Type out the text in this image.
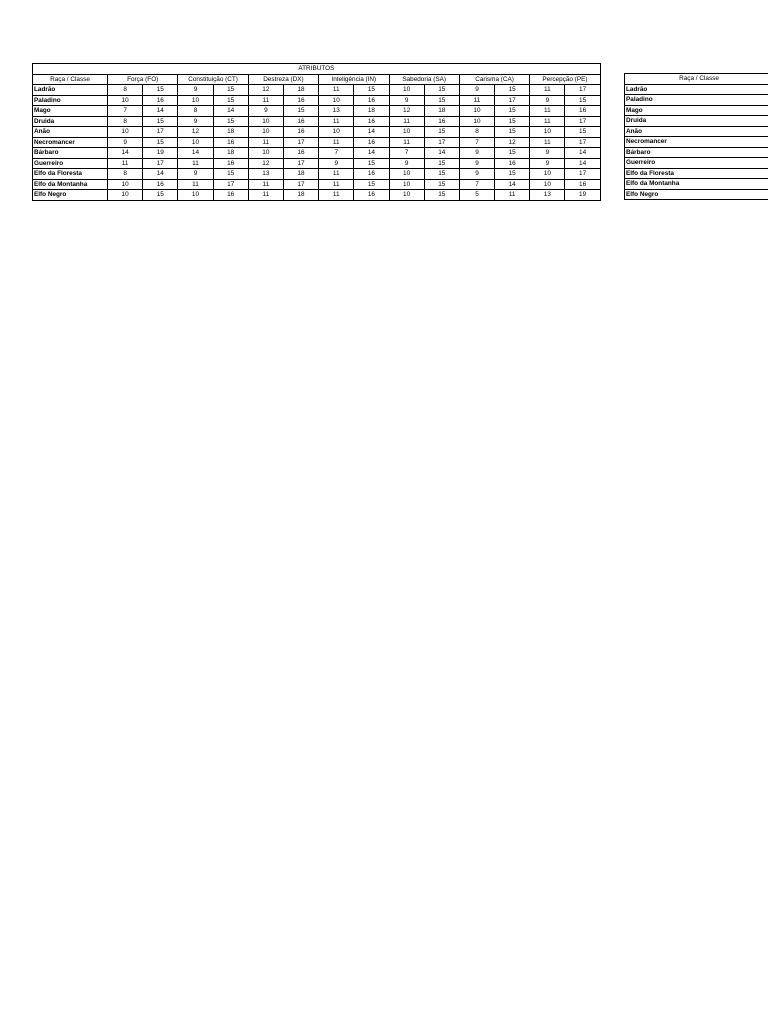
ATRIBUTOS														
Raça / Classe	Força (FO)		Constituição (CT)		Destreza (DX)		Inteligência (IN)		Sabedoria (SA)		Carisma (CA)		Percepção (PE)	
Ladrão	8	15	9	15	12	18	11	15	10	15	9	15	11	17
Paladino	10	16	10	15	11	16	10	16	9	15	11	17	9	15
Mago	7	14	8	14	9	15	13	18	12	18	10	15	11	16
Druida	8	15	9	15	10	16	11	16	11	16	10	15	11	17
Anão	10	17	12	18	10	16	10	14	10	15	8	15	10	15
Necromancer	9	15	10	16	11	17	11	16	11	17	7	12	11	17
Bárbaro	14	19	14	18	10	16	7	14	7	14	9	15	9	14
Guerreiro	11	17	11	16	12	17	9	15	9	15	9	16	9	14
Elfo da Floresta	8	14	9	15	13	18	11	16	10	15	9	15	10	17
Elfo da Montanha	10	16	11	17	11	17	11	15	10	15	7	14	10	16
Elfo Negro	10	15	10	16	11	18	11	16	10	15	5	11	13	19
Raça / Classe
Ladrão
Paladino
Mago
Druida
Anão
Necromancer
Bárbaro
Guerreiro
Elfo da Floresta
Elfo da Montanha
Elfo Negro
